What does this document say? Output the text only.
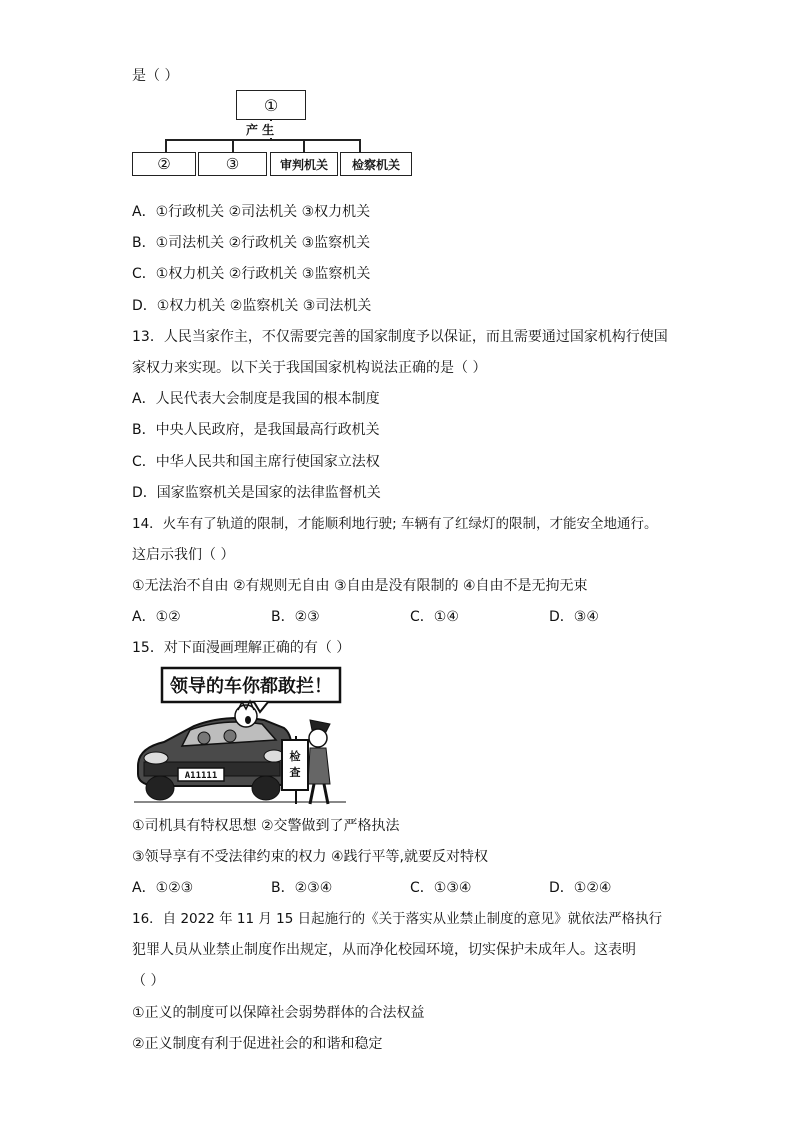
是（ ）
①
产 生
②	③	审判机关	检察机关
A．①行政机关 ②司法机关 ③权力机关
B．①司法机关 ②行政机关 ③监察机关
C．①权力机关 ②行政机关 ③监察机关
D．①权力机关 ②监察机关 ③司法机关
13．人民当家作主，不仅需要完善的国家制度予以保证，而且需要通过国家机构行使国
家权力来实现。以下关于我国国家机构说法正确的是（ ）
A．人民代表大会制度是我国的根本制度
B．中央人民政府，是我国最高行政机关
C．中华人民共和国主席行使国家立法权
D．国家监察机关是国家的法律监督机关
14．火车有了轨道的限制，才能顺利地行驶; 车辆有了红绿灯的限制，才能安全地通行。
这启示我们（ ）
①无法治不自由 ②有规则无自由 ③自由是没有限制的 ④自由不是无拘无束
A．①②	B．②③	C．①④	D．③④
15．对下面漫画理解正确的有（ ）
领导的车你都敢拦！
A11111
检查
①司机具有特权思想 ②交警做到了严格执法
③领导享有不受法律约束的权力 ④践行平等,就要反对特权
A．①②③	B．②③④	C．①③④	D．①②④
16．自 2022 年 11 月 15 日起施行的《关于落实从业禁止制度的意见》就依法严格执行
犯罪人员从业禁止制度作出规定，从而净化校园环境，切实保护未成年人。这表明
（ ）
①正义的制度可以保障社会弱势群体的合法权益
②正义制度有利于促进社会的和谐和稳定
